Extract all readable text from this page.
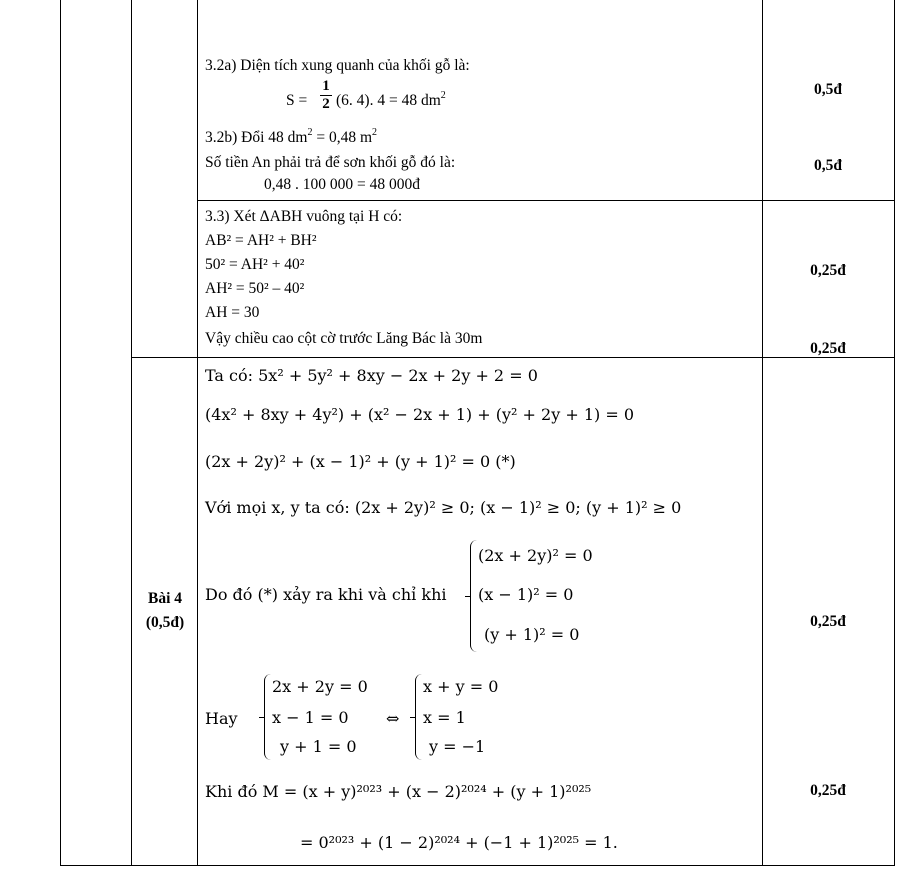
3.2a) Diện tích xung quanh của khối gỗ là:
S =
1
2 (6. 4). 4 = 48 $dm^2$
3.2b) Đổi 48 $dm^2 = 0,48$ $m^2$
Số tiền An phải trả để sơn khối gỗ đó là:
0,48 . 100 000 = 48 000đ
3.3) Xét ΔABH vuông tại H có:
AB² = AH² + BH²
50² = AH² + 40²
AH² = 50² – 40²
AH = 30
Vậy chiều cao cột cờ trước Lăng Bác là 30m
Bài 4
(0,5đ)
Ta có: 5x² + 5y² + 8xy − 2x + 2y + 2 = 0
(4x² + 8xy + 4y²) + (x² − 2x + 1) + (y² + 2y + 1) = 0
(2x + 2y)² + (x − 1)² + (y + 1)² = 0 (*)
Với mọi x, y ta có: (2x + 2y)² ≥ 0; (x − 1)² ≥ 0; (y + 1)² ≥ 0
Do đó (*) xảy ra khi và chỉ khi
(2x + 2y)² = 0
(x − 1)² = 0
(y + 1)² = 0
Hay
2x + 2y = 0
x − 1 = 0
y + 1 = 0
⇔
x + y = 0
x = 1
y = −1
Khi đó M = (x + y)²⁰²³ + (x − 2)²⁰²⁴ + (y + 1)²⁰²⁵
= 0²⁰²³ + (1 − 2)²⁰²⁴ + (−1 + 1)²⁰²⁵ = 1.
0,5đ
0,5đ
0,25đ
0,25đ
0,25đ
0,25đ
